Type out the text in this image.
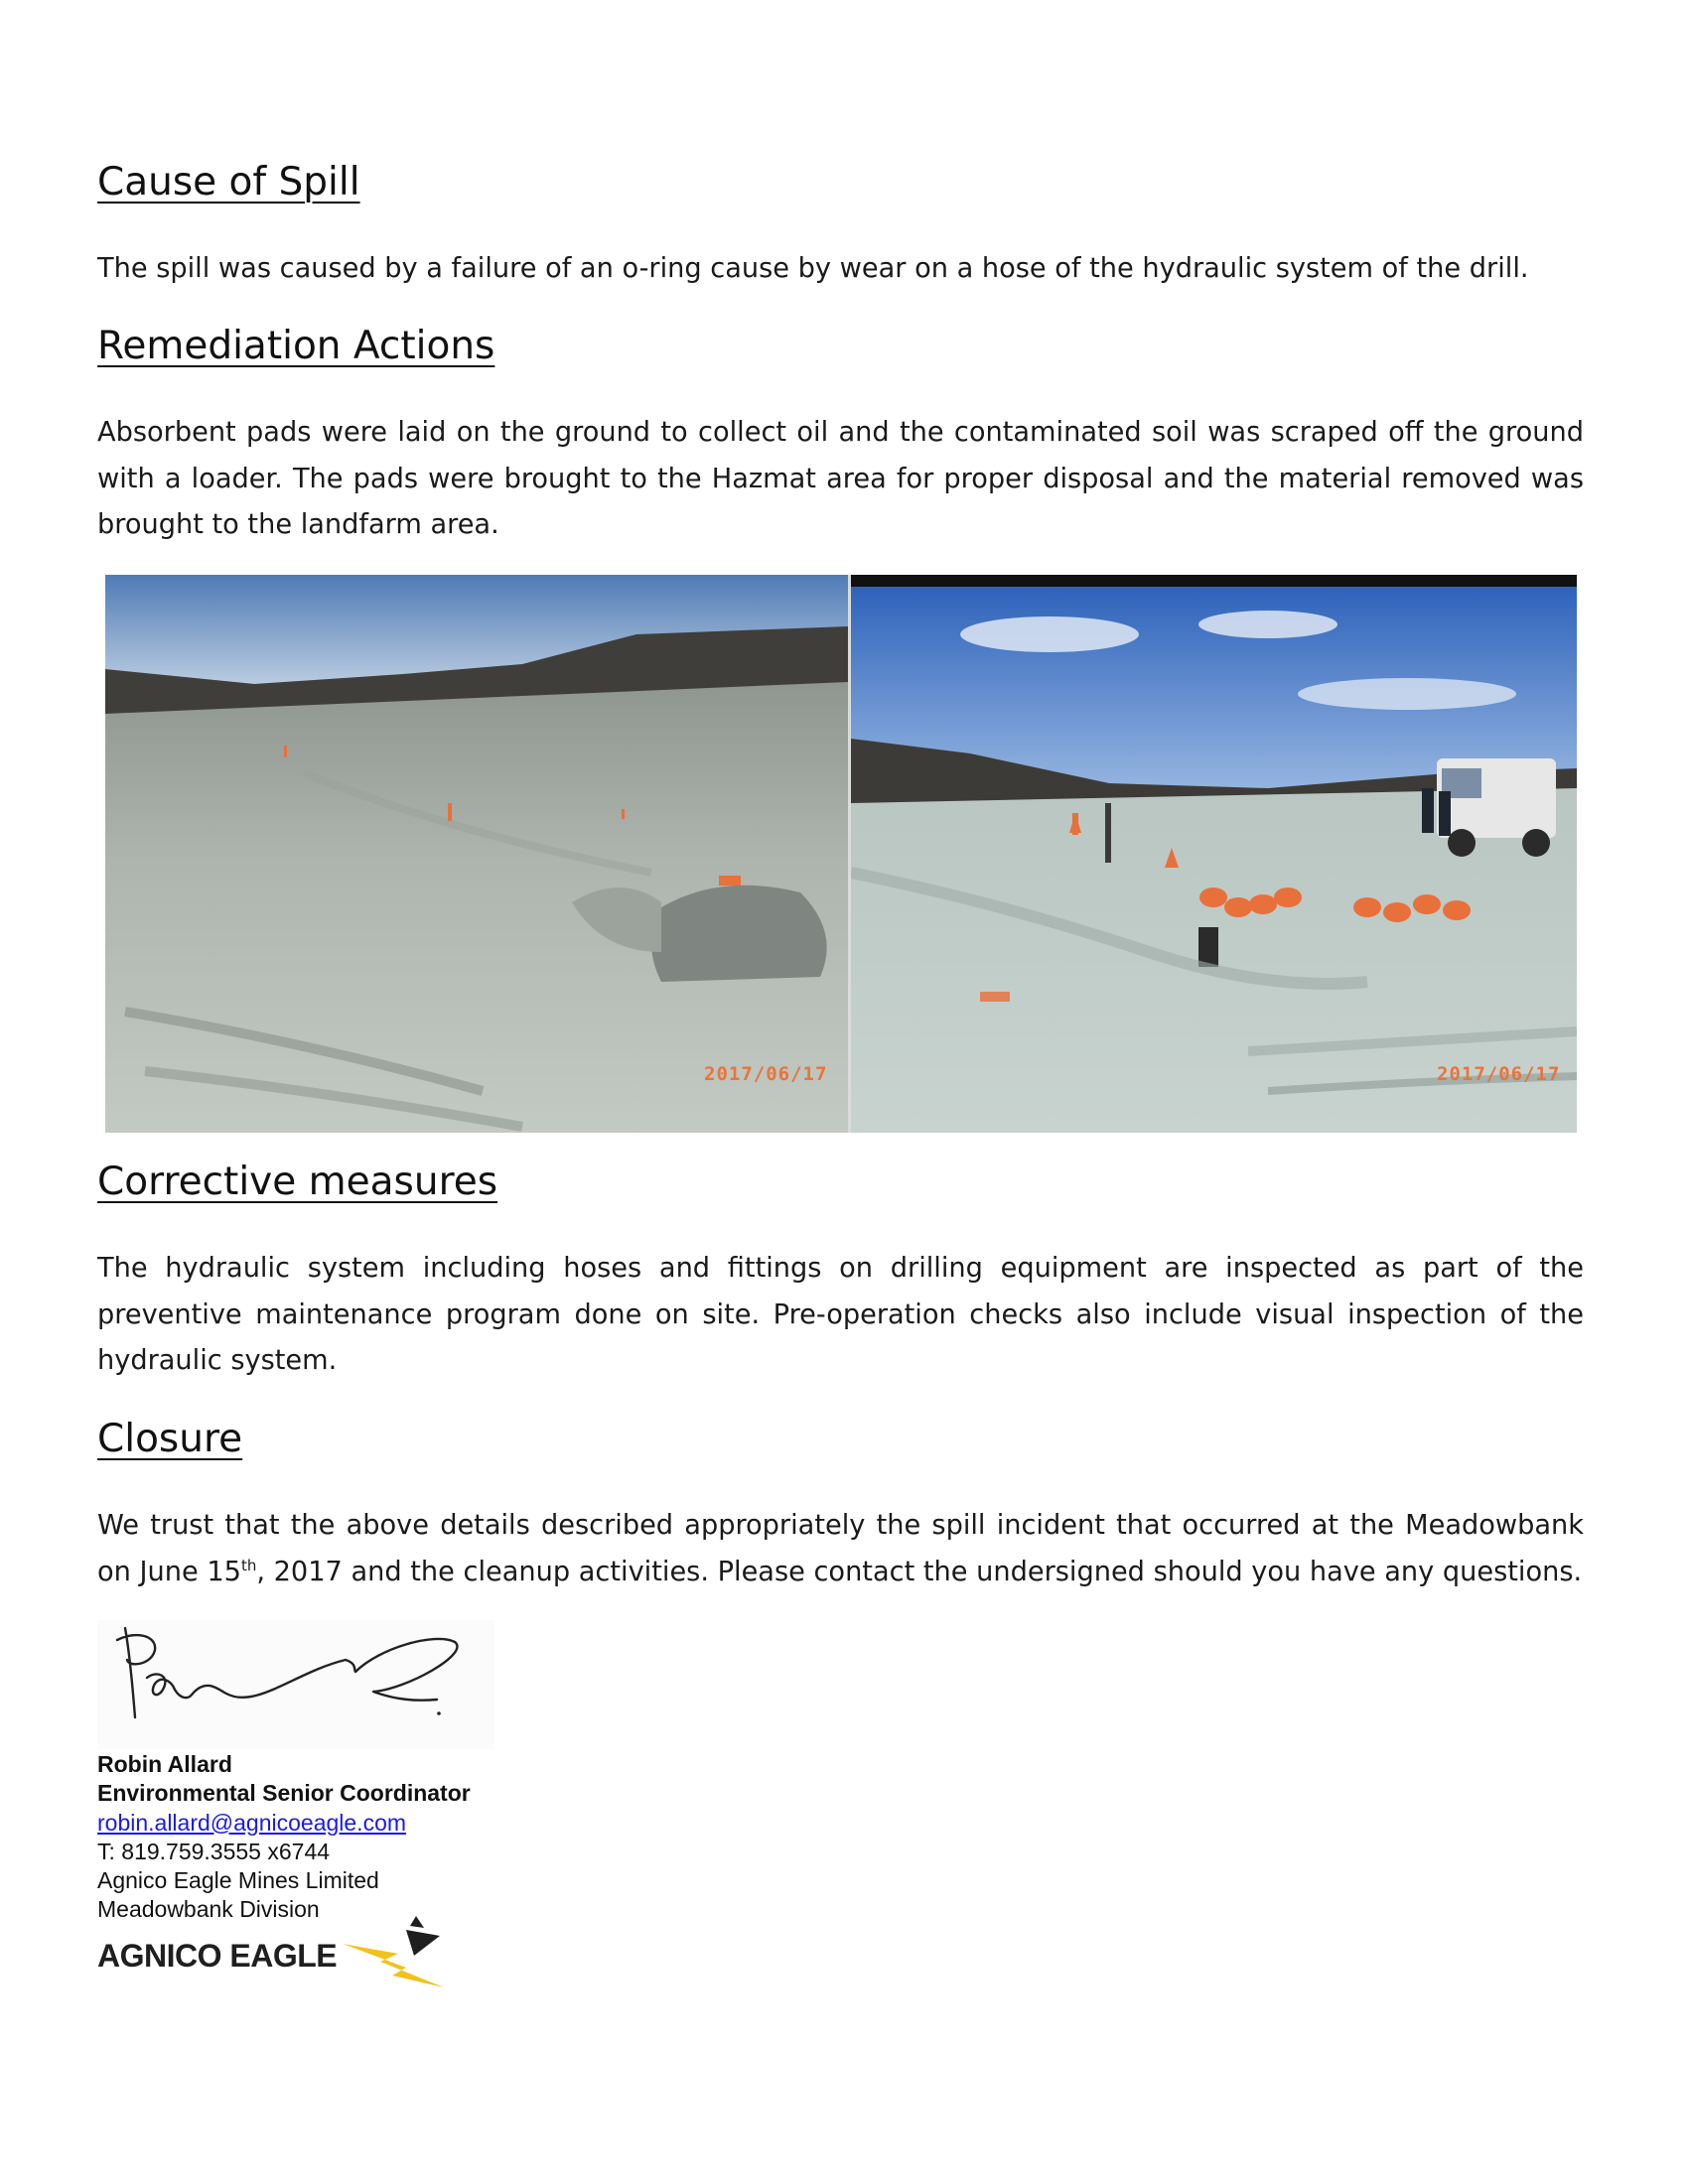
Cause of Spill

The spill was caused by a failure of an o-ring cause by wear on a hose of the hydraulic system of the drill.

Remediation Actions

Absorbent pads were laid on the ground to collect oil and the contaminated soil was scraped off the ground with a loader. The pads were brought to the Hazmat area for proper disposal and the material removed was brought to the landfarm area.

2017/06/17	2017/06/17
Corrective measures

The hydraulic system including hoses and fittings on drilling equipment are inspected as part of the preventive maintenance program done on site. Pre-operation checks also include visual inspection of the hydraulic system.

Closure

We trust that the above details described appropriately the spill incident that occurred at the Meadowbank on June 15th, 2017 and the cleanup activities. Please contact the undersigned should you have any questions.

Robin Allard
Environmental Senior Coordinator
robin.allard@agnicoeagle.com
T: 819.759.3555 x6744
Agnico Eagle Mines Limited
Meadowbank Division
AGNICO EAGLE
